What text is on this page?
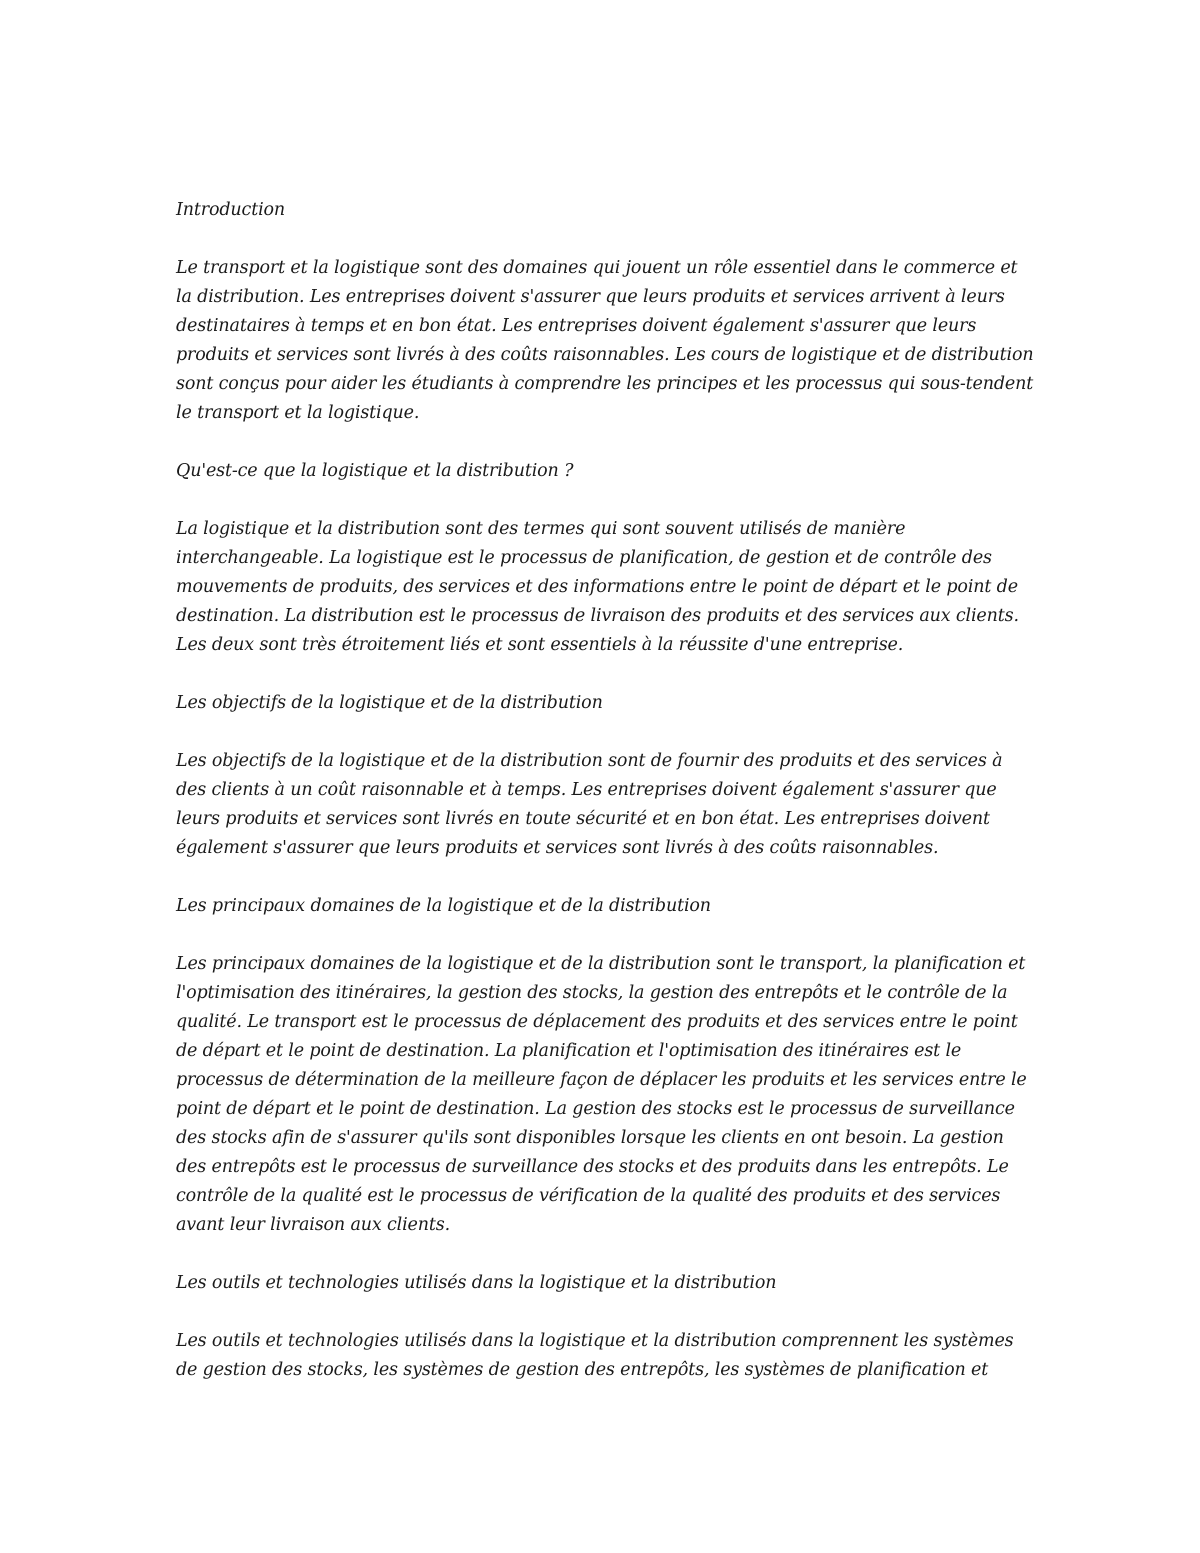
Introduction

Le transport et la logistique sont des domaines qui jouent un rôle essentiel dans le commerce et la distribution. Les entreprises doivent s'assurer que leurs produits et services arrivent à leurs destinataires à temps et en bon état. Les entreprises doivent également s'assurer que leurs produits et services sont livrés à des coûts raisonnables. Les cours de logistique et de distribution sont conçus pour aider les étudiants à comprendre les principes et les processus qui sous-tendent le transport et la logistique.

Qu'est-ce que la logistique et la distribution ?

La logistique et la distribution sont des termes qui sont souvent utilisés de manière interchangeable. La logistique est le processus de planification, de gestion et de contrôle des mouvements de produits, des services et des informations entre le point de départ et le point de destination. La distribution est le processus de livraison des produits et des services aux clients. Les deux sont très étroitement liés et sont essentiels à la réussite d'une entreprise.

Les objectifs de la logistique et de la distribution

Les objectifs de la logistique et de la distribution sont de fournir des produits et des services à des clients à un coût raisonnable et à temps. Les entreprises doivent également s'assurer que leurs produits et services sont livrés en toute sécurité et en bon état. Les entreprises doivent également s'assurer que leurs produits et services sont livrés à des coûts raisonnables.

Les principaux domaines de la logistique et de la distribution

Les principaux domaines de la logistique et de la distribution sont le transport, la planification et l'optimisation des itinéraires, la gestion des stocks, la gestion des entrepôts et le contrôle de la qualité. Le transport est le processus de déplacement des produits et des services entre le point de départ et le point de destination. La planification et l'optimisation des itinéraires est le processus de détermination de la meilleure façon de déplacer les produits et les services entre le point de départ et le point de destination. La gestion des stocks est le processus de surveillance des stocks afin de s'assurer qu'ils sont disponibles lorsque les clients en ont besoin. La gestion des entrepôts est le processus de surveillance des stocks et des produits dans les entrepôts. Le contrôle de la qualité est le processus de vérification de la qualité des produits et des services avant leur livraison aux clients.

Les outils et technologies utilisés dans la logistique et la distribution

Les outils et technologies utilisés dans la logistique et la distribution comprennent les systèmes de gestion des stocks, les systèmes de gestion des entrepôts, les systèmes de planification et
